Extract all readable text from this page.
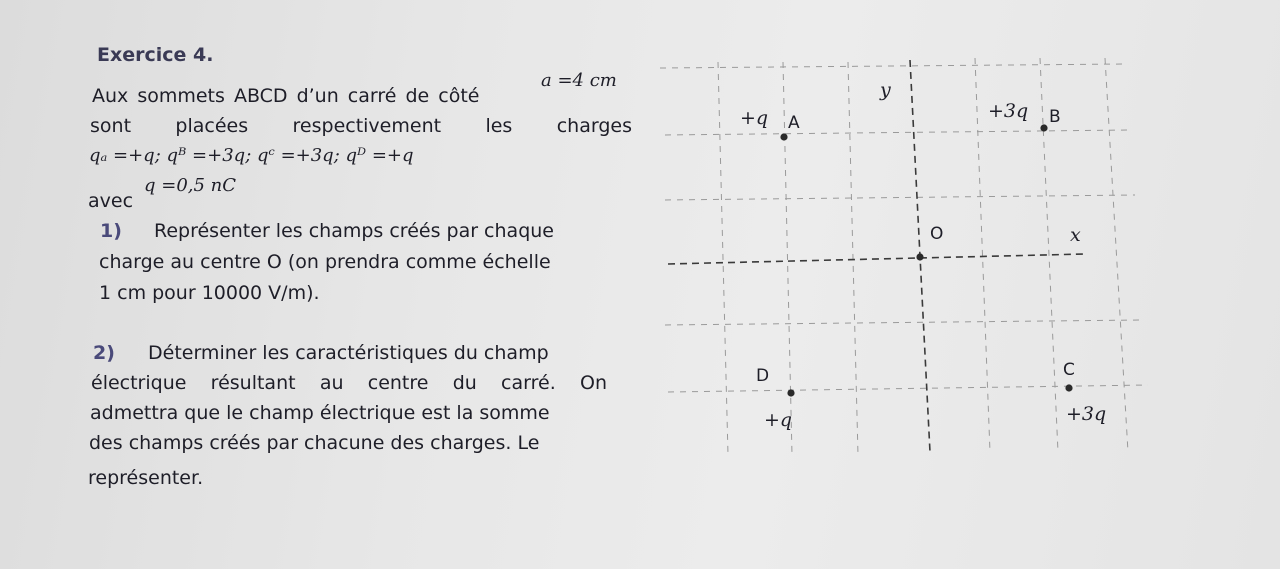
Exercice 4.
Aux sommets ABCD d’un carré de côté
a =4 cm
sont placées respectivement les charges
qₐ =+q; qᴮ =+3q; qᶜ =+3q; qᴰ =+q
avec
q =0,5 nC
1) Représenter les champs créés par chaque
charge au centre O (on prendra comme échelle
1 cm pour 10000 V/m).
2) Déterminer les caractéristiques du champ
électrique résultant au centre du carré. On
admettra que le champ électrique est la somme
des champs créés par chacune des charges. Le
représenter.
+q A
y
+3q B
O	x
D
+q
C
+3q
